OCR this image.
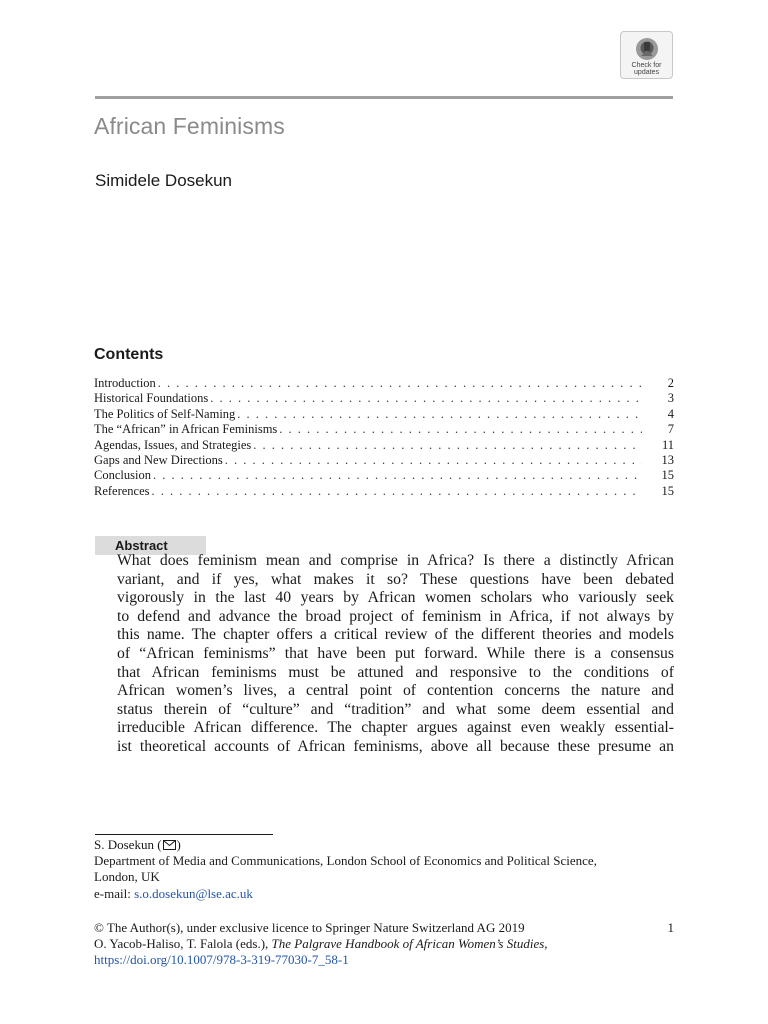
Check for
updates
African Feminisms
Simidele Dosekun
Contents
Introduction . . .	2
Historical Foundations . . .	3
The Politics of Self-Naming . . .	4
The “African” in African Feminisms . . .	7
Agendas, Issues, and Strategies . . .	11
Gaps and New Directions . . .	13
Conclusion . . .	15
References . . .	15
Abstract
What does feminism mean and comprise in Africa? Is there a distinctly African
variant, and if yes, what makes it so? These questions have been debated
vigorously in the last 40 years by African women scholars who variously seek
to defend and advance the broad project of feminism in Africa, if not always by
this name. The chapter offers a critical review of the different theories and models
of “African feminisms” that have been put forward. While there is a consensus
that African feminisms must be attuned and responsive to the conditions of
African women’s lives, a central point of contention concerns the nature and
status therein of “culture” and “tradition” and what some deem essential and
irreducible African difference. The chapter argues against even weakly essential-
ist theoretical accounts of African feminisms, above all because these presume an
S. Dosekun ( )
Department of Media and Communications, London School of Economics and Political Science,
London, UK
e-mail: s.o.dosekun@lse.ac.uk
© The Author(s), under exclusive licence to Springer Nature Switzerland AG 2019	1
O. Yacob-Haliso, T. Falola (eds.), The Palgrave Handbook of African Women’s Studies,
https://doi.org/10.1007/978-3-319-77030-7_58-1
